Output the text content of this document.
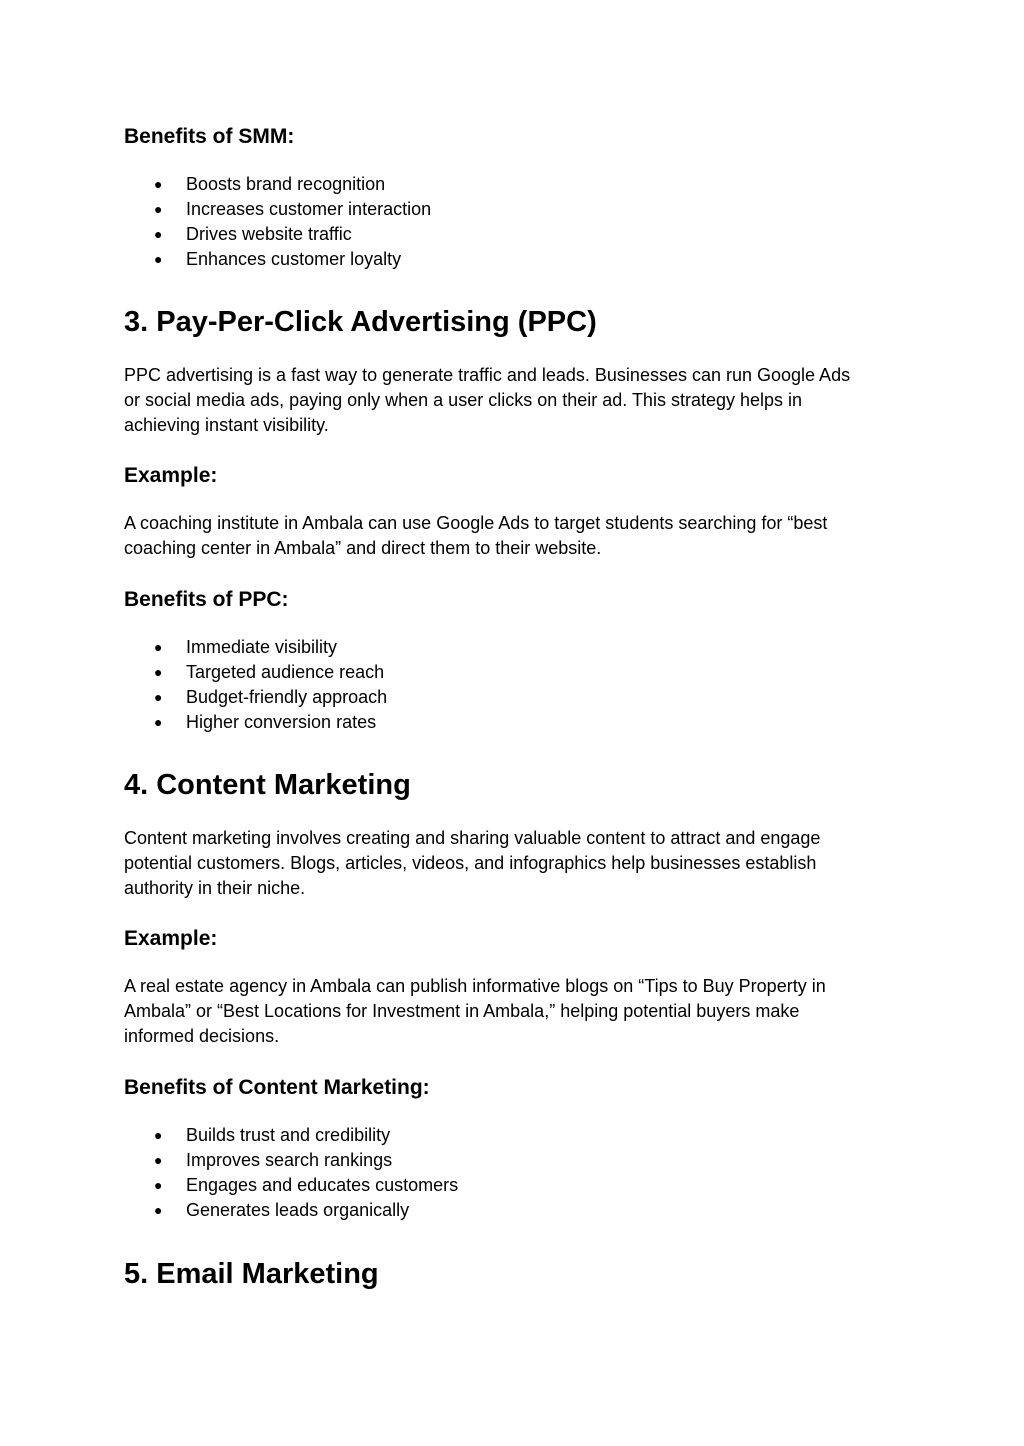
Benefits of SMM:
● Boosts brand recognition
● Increases customer interaction
● Drives website traffic
● Enhances customer loyalty
3. Pay-Per-Click Advertising (PPC)

PPC advertising is a fast way to generate traffic and leads. Businesses can run Google Ads
or social media ads, paying only when a user clicks on their ad. This strategy helps in
achieving instant visibility.

Example:

A coaching institute in Ambala can use Google Ads to target students searching for “best
coaching center in Ambala” and direct them to their website.

Benefits of PPC:
● Immediate visibility
● Targeted audience reach
● Budget-friendly approach
● Higher conversion rates
4. Content Marketing

Content marketing involves creating and sharing valuable content to attract and engage
potential customers. Blogs, articles, videos, and infographics help businesses establish
authority in their niche.

Example:

A real estate agency in Ambala can publish informative blogs on “Tips to Buy Property in
Ambala” or “Best Locations for Investment in Ambala,” helping potential buyers make
informed decisions.

Benefits of Content Marketing:
● Builds trust and credibility
● Improves search rankings
● Engages and educates customers
● Generates leads organically
5. Email Marketing
